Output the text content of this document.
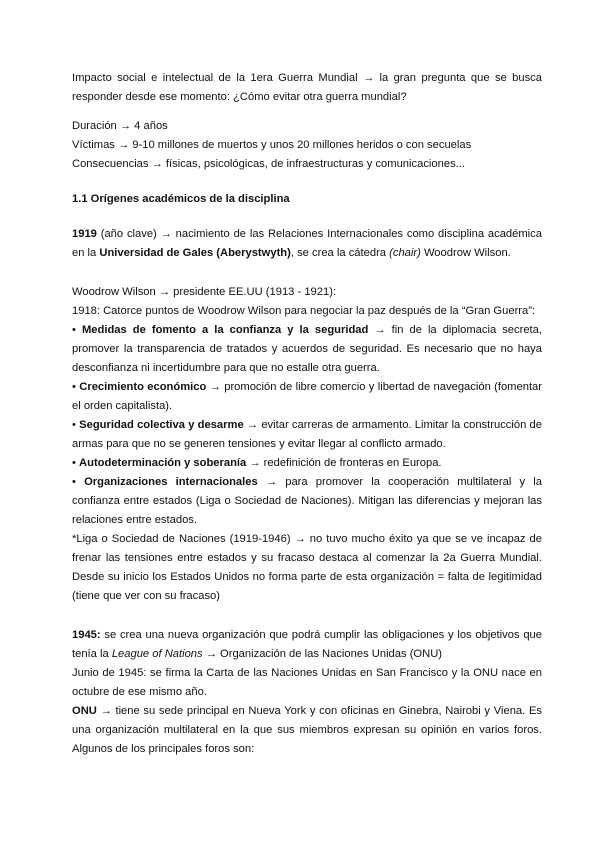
Impacto social e intelectual de la 1era Guerra Mundial → la gran pregunta que se busca responder desde ese momento: ¿Cómo evitar otra guerra mundial?

Duración → 4 años

Víctimas → 9-10 millones de muertos y unos 20 millones heridos o con secuelas

Consecuencias → físicas, psicológicas, de infraestructuras y comunicaciones...

1.1 Orígenes académicos de la disciplina

1919 (año clave) → nacimiento de las Relaciones Internacionales como disciplina académica en la Universidad de Gales (Aberystwyth), se crea la cátedra (chair) Woodrow Wilson.

Woodrow Wilson → presidente EE.UU (1913 - 1921):

1918: Catorce puntos de Woodrow Wilson para negociar la paz después de la “Gran Guerra”:

• Medidas de fomento a la confianza y la seguridad → fin de la diplomacia secreta, promover la transparencia de tratados y acuerdos de seguridad. Es necesario que no haya desconfianza ni incertidumbre para que no estalle otra guerra.

• Crecimiento económico → promoción de libre comercio y libertad de navegación (fomentar el orden capitalista).

• Seguridad colectiva y desarme → evitar carreras de armamento. Limitar la construcción de armas para que no se generen tensiones y evitar llegar al conflicto armado.

• Autodeterminación y soberanía → redefinición de fronteras en Europa.

• Organizaciones internacionales → para promover la cooperación multilateral y la confianza entre estados (Liga o Sociedad de Naciones). Mitigan las diferencias y mejoran las relaciones entre estados.

*Liga o Sociedad de Naciones (1919-1946) → no tuvo mucho éxito ya que se ve incapaz de frenar las tensiones entre estados y su fracaso destaca al comenzar la 2a Guerra Mundial. Desde su inicio los Estados Unidos no forma parte de esta organización = falta de legitimidad (tiene que ver con su fracaso)

1945: se crea una nueva organización que podrá cumplir las obligaciones y los objetivos que tenía la League of Nations → Organización de las Naciones Unidas (ONU)

Junio de 1945: se firma la Carta de las Naciones Unidas en San Francisco y la ONU nace en octubre de ese mismo año.

ONU → tiene su sede principal en Nueva York y con oficinas en Ginebra, Nairobi y Viena. Es una organización multilateral en la que sus miembros expresan su opinión en varios foros. Algunos de los principales foros son:
